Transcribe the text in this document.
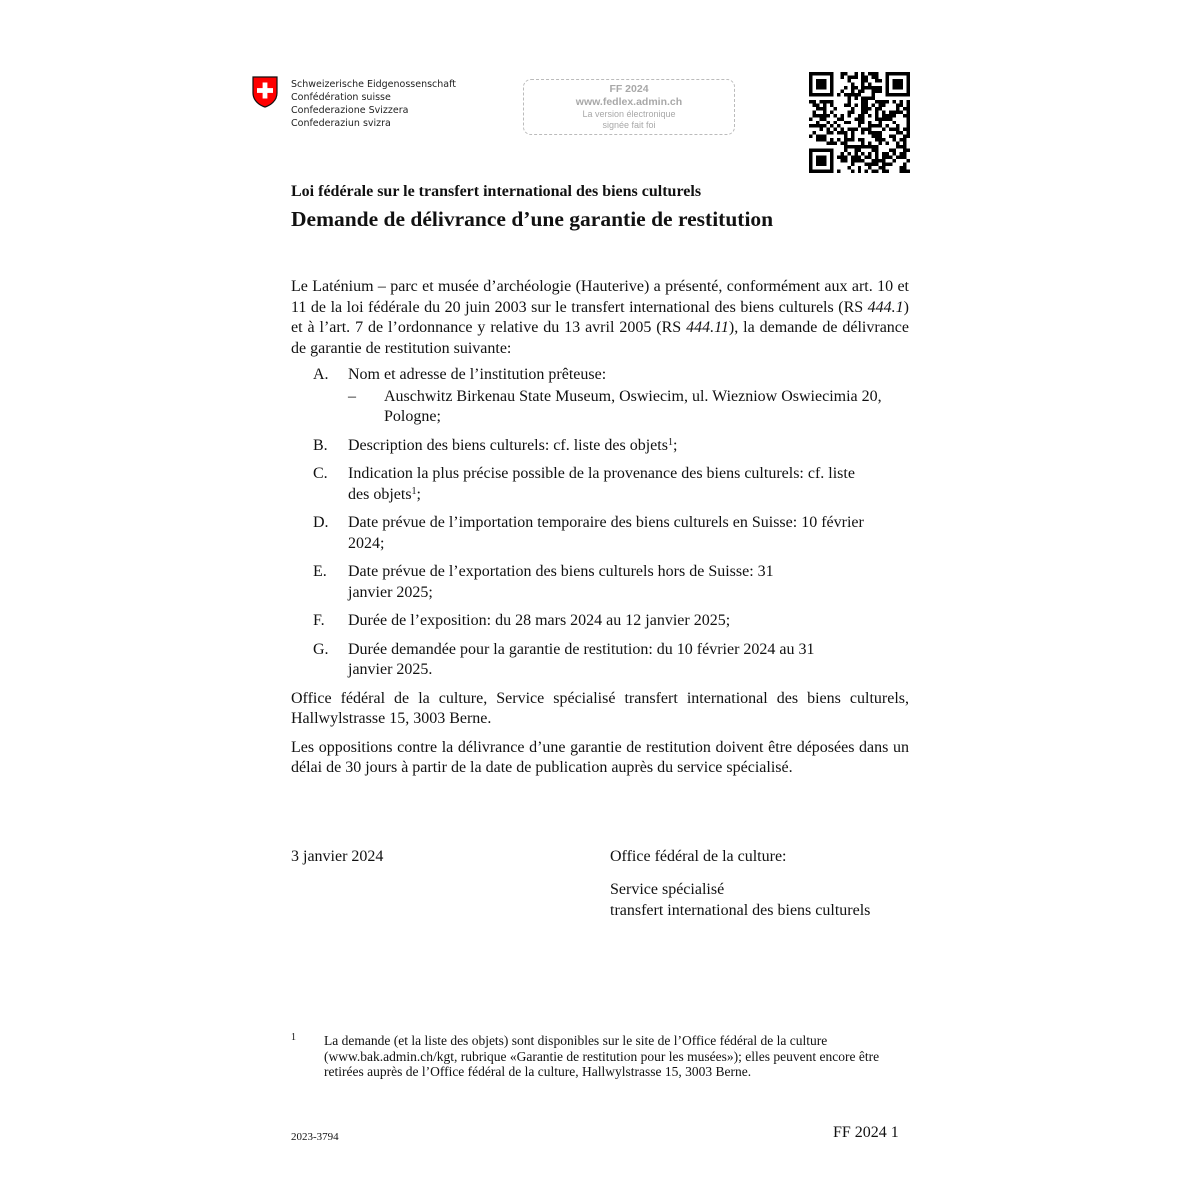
Schweizerische Eidgenossenschaft
Confédération suisse
Confederazione Svizzera
Confederaziun svizra
FF 2024
www.fedlex.admin.ch
La version électronique
signée fait foi
Loi fédérale sur le transfert international des biens culturels
Demande de délivrance d’une garantie de restitution

Le Laténium – parc et musée d’archéologie (Hauterive) a présenté, conformément aux art. 10 et 11 de la loi fédérale du 20 juin 2003 sur le transfert international des biens culturels (RS 444.1) et à l’art. 7 de l’ordonnance y relative du 13 avril 2005 (RS 444.11), la demande de délivrance de garantie de restitution suivante:

A. Nom et adresse de l’institution prêteuse:
– Auschwitz Birkenau State Museum, Oswiecim, ul. Wiezniow Oswiecimia 20, Pologne;
B. Description des biens culturels: cf. liste des objets$^1$;
C. Indication la plus précise possible de la provenance des biens culturels: cf. liste des objets$^1$;
D. Date prévue de l’importation temporaire des biens culturels en Suisse: 10 février 2024;
E. Date prévue de l’exportation des biens culturels hors de Suisse: 31 janvier 2025;
F. Durée de l’exposition: du 28 mars 2024 au 12 janvier 2025;
G. Durée demandée pour la garantie de restitution: du 10 février 2024 au 31 janvier 2025.

Office fédéral de la culture, Service spécialisé transfert international des biens culturels, Hallwylstrasse 15, 3003 Berne.

Les oppositions contre la délivrance d’une garantie de restitution doivent être déposées dans un délai de 30 jours à partir de la date de publication auprès du service spécialisé.

3 janvier 2024	Office fédéral de la culture:
Service spécialisé
transfert international des biens culturels
1 La demande (et la liste des objets) sont disponibles sur le site de l’Office fédéral de la culture (www.bak.admin.ch/kgt, rubrique «Garantie de restitution pour les musées»); elles peuvent encore être retirées auprès de l’Office fédéral de la culture, Hallwylstrasse 15, 3003 Berne.
2023-3794	FF 2024 1
